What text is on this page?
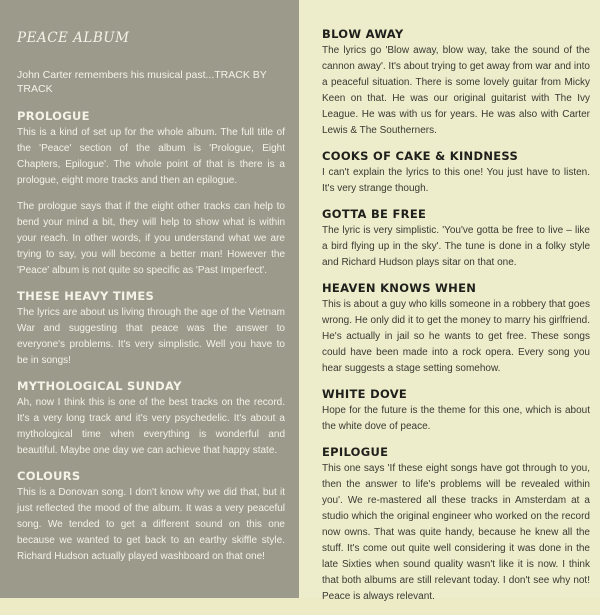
PEACE ALBUM
John Carter remembers his musical past...TRACK BY TRACK
PROLOGUE
This is a kind of set up for the whole album. The full title of the 'Peace' section of the album is 'Prologue, Eight Chapters, Epilogue'. The whole point of that is there is a prologue, eight more tracks and then an epilogue.
The prologue says that if the eight other tracks can help to bend your mind a bit, they will help to show what is within your reach. In other words, if you understand what we are trying to say, you will become a better man! However the 'Peace' album is not quite so specific as 'Past Imperfect'.
THESE HEAVY TIMES
The lyrics are about us living through the age of the Vietnam War and suggesting that peace was the answer to everyone's problems. It's very simplistic. Well you have to be in songs!
MYTHOLOGICAL SUNDAY
Ah, now I think this is one of the best tracks on the record. It's a very long track and it's very psychedelic. It's about a mythological time when everything is wonderful and beautiful. Maybe one day we can achieve that happy state.
COLOURS
This is a Donovan song. I don't know why we did that, but it just reflected the mood of the album. It was a very peaceful song. We tended to get a different sound on this one because we wanted to get back to an earthy skiffle style. Richard Hudson actually played washboard on that one!
BLOW AWAY
The lyrics go 'Blow away, blow way, take the sound of the cannon away'. It's about trying to get away from war and into a peaceful situation. There is some lovely guitar from Micky Keen on that. He was our original guitarist with The Ivy League. He was with us for years. He was also with Carter Lewis & The Southerners.
COOKS OF CAKE & KINDNESS
I can't explain the lyrics to this one! You just have to listen. It's very strange though.
GOTTA BE FREE
The lyric is very simplistic. 'You've gotta be free to live – like a bird flying up in the sky'. The tune is done in a folky style and Richard Hudson plays sitar on that one.
HEAVEN KNOWS WHEN
This is about a guy who kills someone in a robbery that goes wrong. He only did it to get the money to marry his girlfriend. He's actually in jail so he wants to get free. These songs could have been made into a rock opera. Every song you hear suggests a stage setting somehow.
WHITE DOVE
Hope for the future is the theme for this one, which is about the white dove of peace.
EPILOGUE
This one says 'If these eight songs have got through to you, then the answer to life's problems will be revealed within you'. We re-mastered all these tracks in Amsterdam at a studio which the original engineer who worked on the record now owns. That was quite handy, because he knew all the stuff. It's come out quite well considering it was done in the late Sixties when sound quality wasn't like it is now. I think that both albums are still relevant today. I don't see why not! Peace is always relevant.
